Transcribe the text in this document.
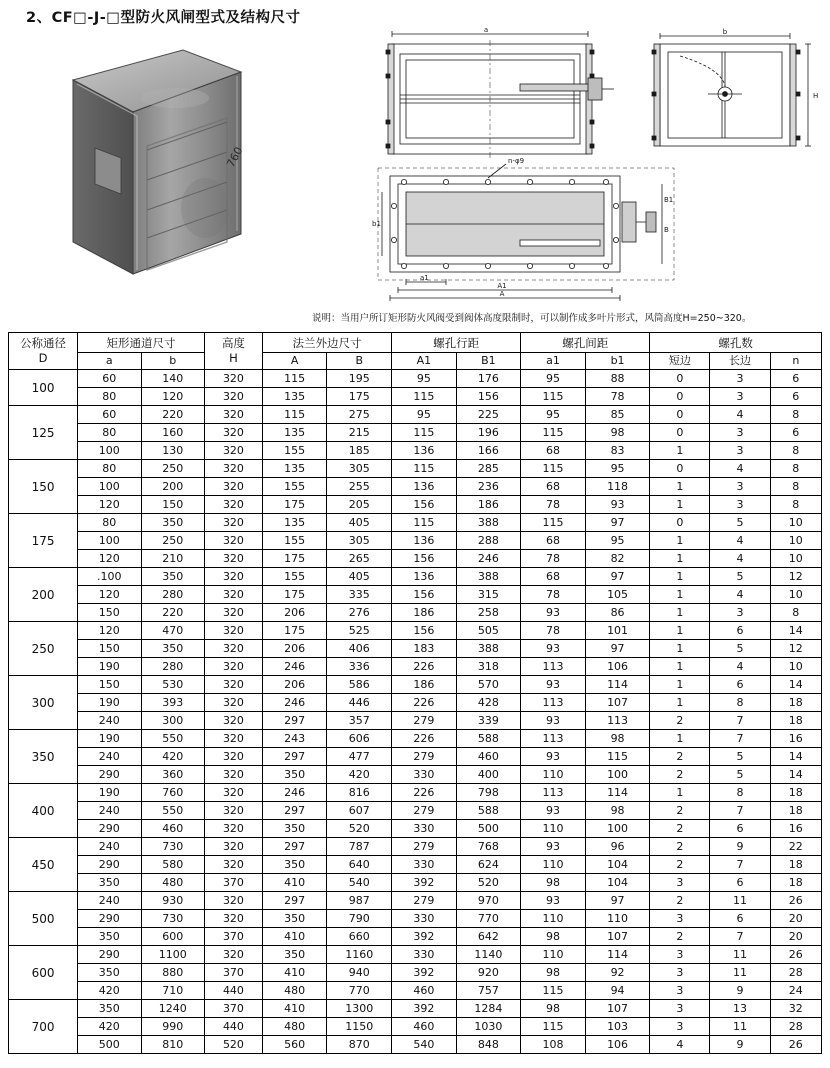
2、CF□-J-□型防火风闸型式及结构尺寸
760
a	b
H
n-φ9
b1
B1
B
a1
A1
A
说明：当用户所订矩形防火风阀受到阀体高度限制时，可以制作成多叶片形式，风筒高度H=250~320。
公称通径
D
	矩形通道尺寸	高度
H
	法兰外边尺寸	螺孔行距	螺孔间距	螺孔数
	a	b		A	B	A1	B1	a1	b1	短边	长边	n
100	60	140	320	115	195	95	176	95	88	0	3	6
	80	120	320	135	175	115	156	115	78	0	3	6
125	60	220	320	115	275	95	225	95	85	0	4	8
	80	160	320	135	215	115	196	115	98	0	3	6
	100	130	320	155	185	136	166	68	83	1	3	8
150	80	250	320	135	305	115	285	115	95	0	4	8
	100	200	320	155	255	136	236	68	118	1	3	8
	120	150	320	175	205	156	186	78	93	1	3	8
175	80	350	320	135	405	115	388	115	97	0	5	10
	100	250	320	155	305	136	288	68	95	1	4	10
	120	210	320	175	265	156	246	78	82	1	4	10
200	.100	350	320	155	405	136	388	68	97	1	5	12
	120	280	320	175	335	156	315	78	105	1	4	10
	150	220	320	206	276	186	258	93	86	1	3	8
250	120	470	320	175	525	156	505	78	101	1	6	14
	150	350	320	206	406	183	388	93	97	1	5	12
	190	280	320	246	336	226	318	113	106	1	4	10
300	150	530	320	206	586	186	570	93	114	1	6	14
	190	393	320	246	446	226	428	113	107	1	8	18
	240	300	320	297	357	279	339	93	113	2	7	18
350	190	550	320	243	606	226	588	113	98	1	7	16
	240	420	320	297	477	279	460	93	115	2	5	14
	290	360	320	350	420	330	400	110	100	2	5	14
400	190	760	320	246	816	226	798	113	114	1	8	18
	240	550	320	297	607	279	588	93	98	2	7	18
	290	460	320	350	520	330	500	110	100	2	6	16
450	240	730	320	297	787	279	768	93	96	2	9	22
	290	580	320	350	640	330	624	110	104	2	7	18
	350	480	370	410	540	392	520	98	104	3	6	18
500	240	930	320	297	987	279	970	93	97	2	11	26
	290	730	320	350	790	330	770	110	110	3	6	20
	350	600	370	410	660	392	642	98	107	2	7	20
600	290	1100	320	350	1160	330	1140	110	114	3	11	26
	350	880	370	410	940	392	920	98	92	3	11	28
	420	710	440	480	770	460	757	115	94	3	9	24
700	350	1240	370	410	1300	392	1284	98	107	3	13	32
	420	990	440	480	1150	460	1030	115	103	3	11	28
	500	810	520	560	870	540	848	108	106	4	9	26
